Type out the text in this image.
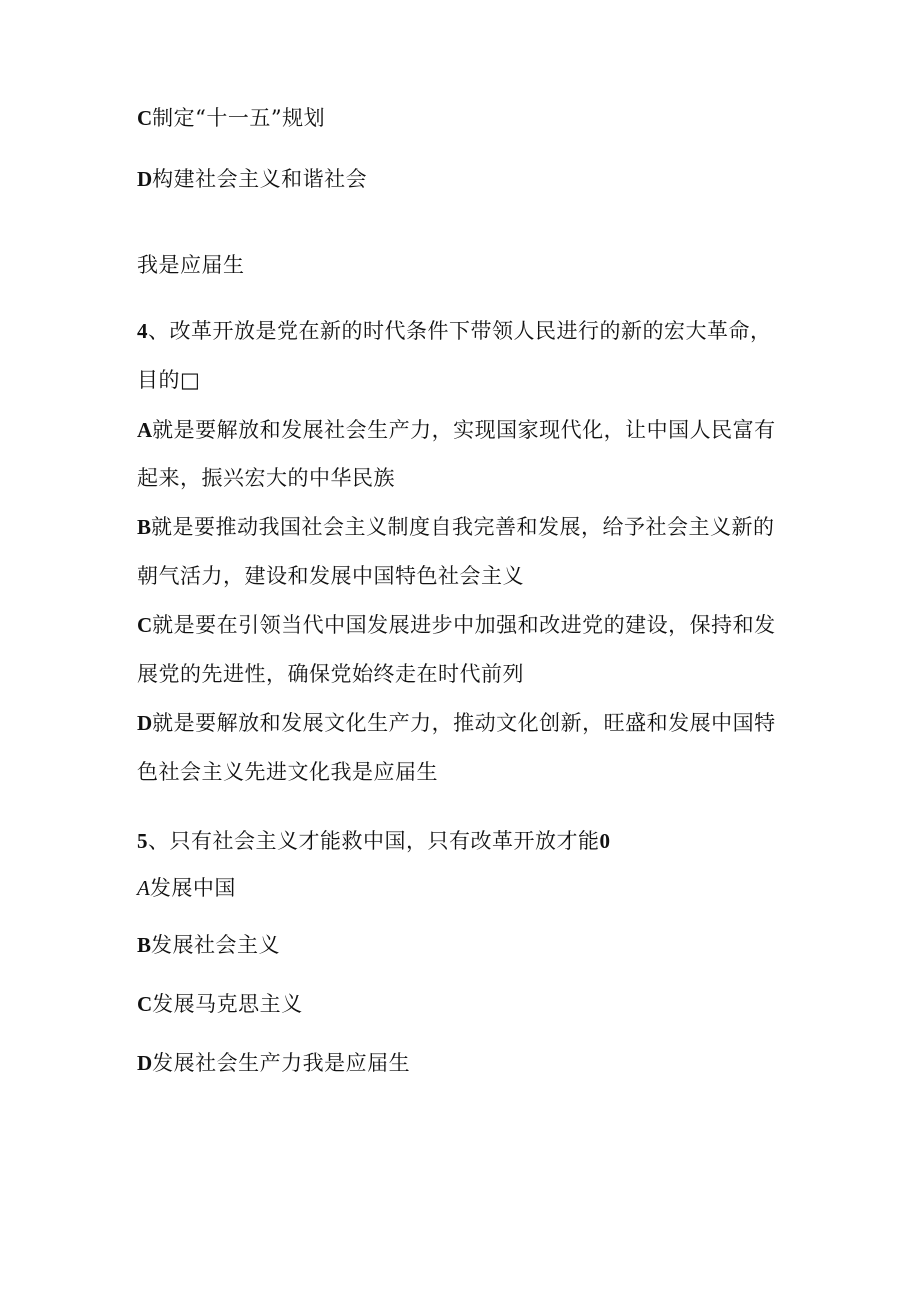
C制定“十一五”规划
D构建社会主义和谐社会
我是应届生
4、改革开放是党在新的时代条件下带领人民进行的新的宏大革命，
目的□
A就是要解放和发展社会生产力，实现国家现代化，让中国人民富有
起来，振兴宏大的中华民族
B就是要推动我国社会主义制度自我完善和发展，给予社会主义新的
朝气活力，建设和发展中国特色社会主义
C就是要在引领当代中国发展进步中加强和改进党的建设，保持和发
展党的先进性，确保党始终走在时代前列
D就是要解放和发展文化生产力，推动文化创新，旺盛和发展中国特
色社会主义先进文化我是应届生
5、只有社会主义才能救中国，只有改革开放才能0
A发展中国
B发展社会主义
C发展马克思主义
D发展社会生产力我是应届生
